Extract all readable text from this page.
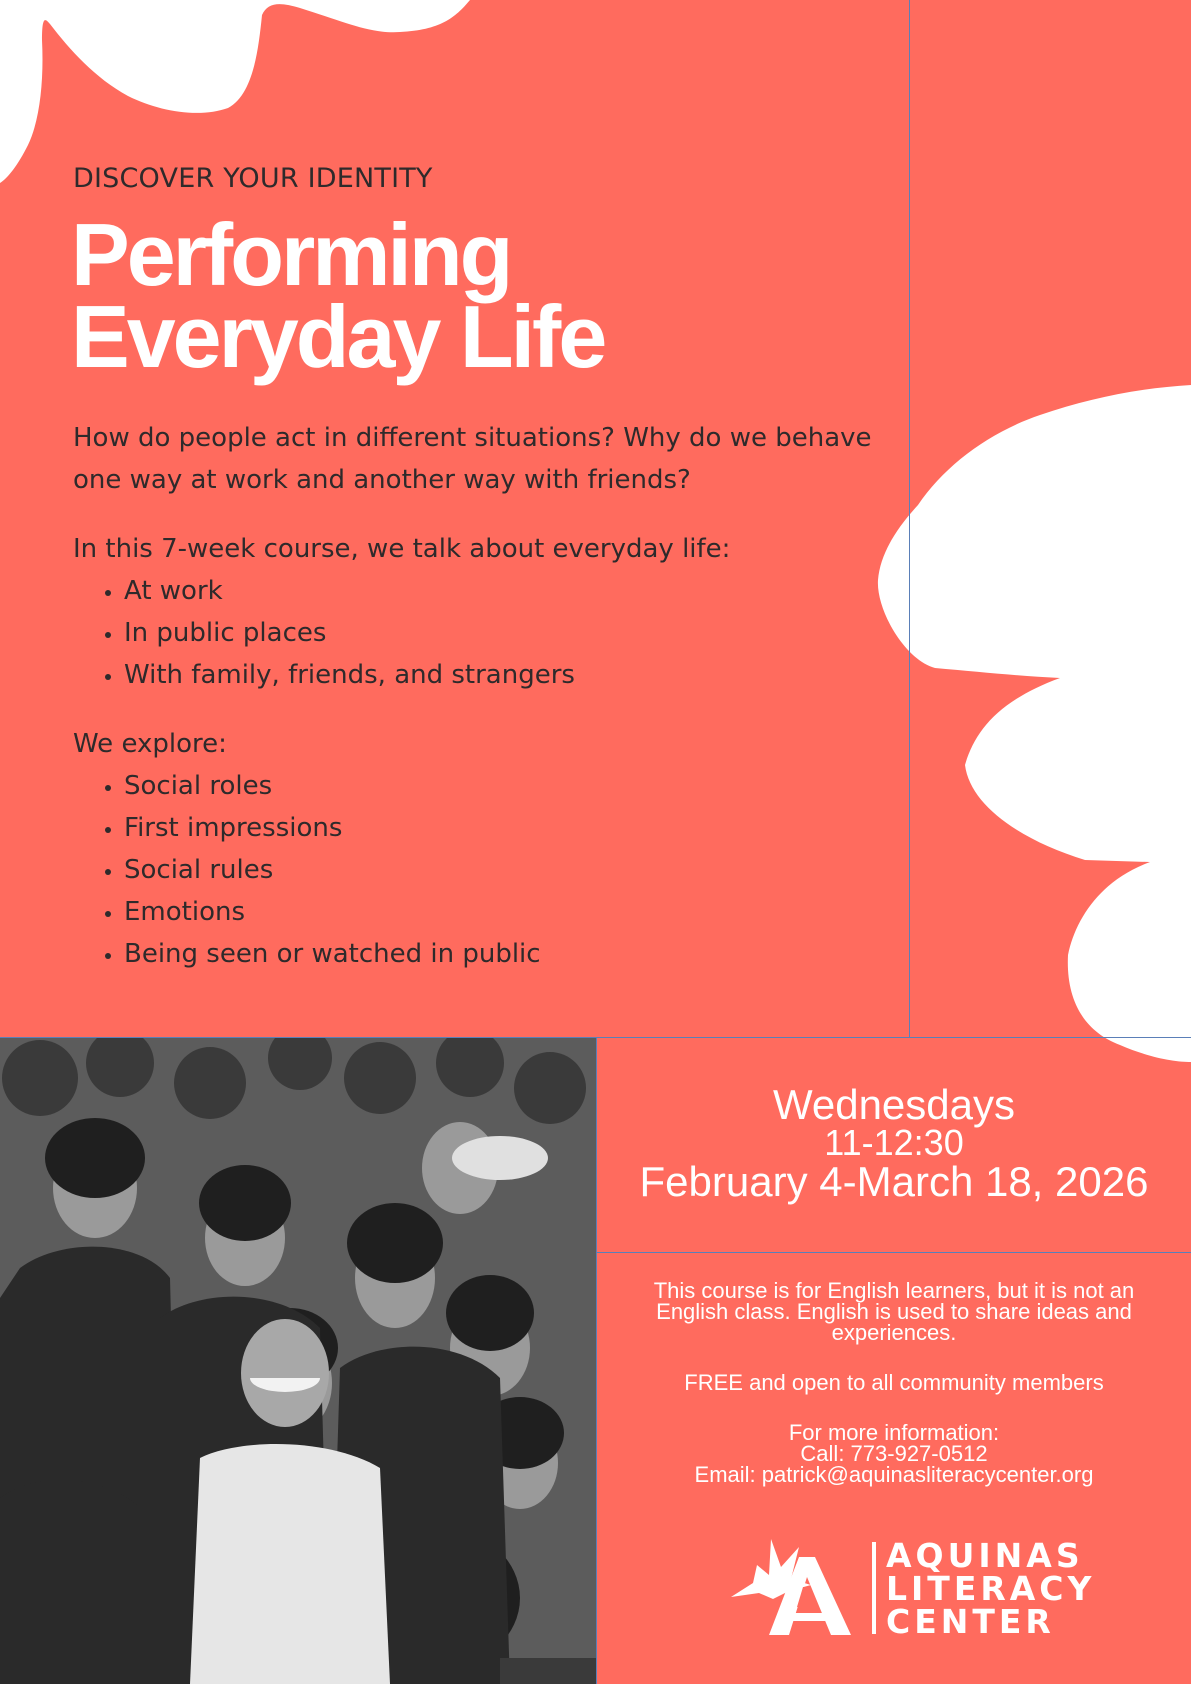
DISCOVER YOUR IDENTITY
Performing
Everyday Life
How do people act in different situations? Why do we behave one way at work and another way with friends?
In this 7-week course, we talk about everyday life:
• At work
• In public places
• With family, friends, and strangers
We explore:
• Social roles
• First impressions
• Social rules
• Emotions
• Being seen or watched in public
Wednesdays
11-12:30
February 4-March 18, 2026
This course is for English learners, but it is not an English class. English is used to share ideas and experiences.
FREE and open to all community members
For more information:
Call: 773-927-0512
Email: patrick@aquinasliteracycenter.org
AQUINAS
LITERACY
CENTER
